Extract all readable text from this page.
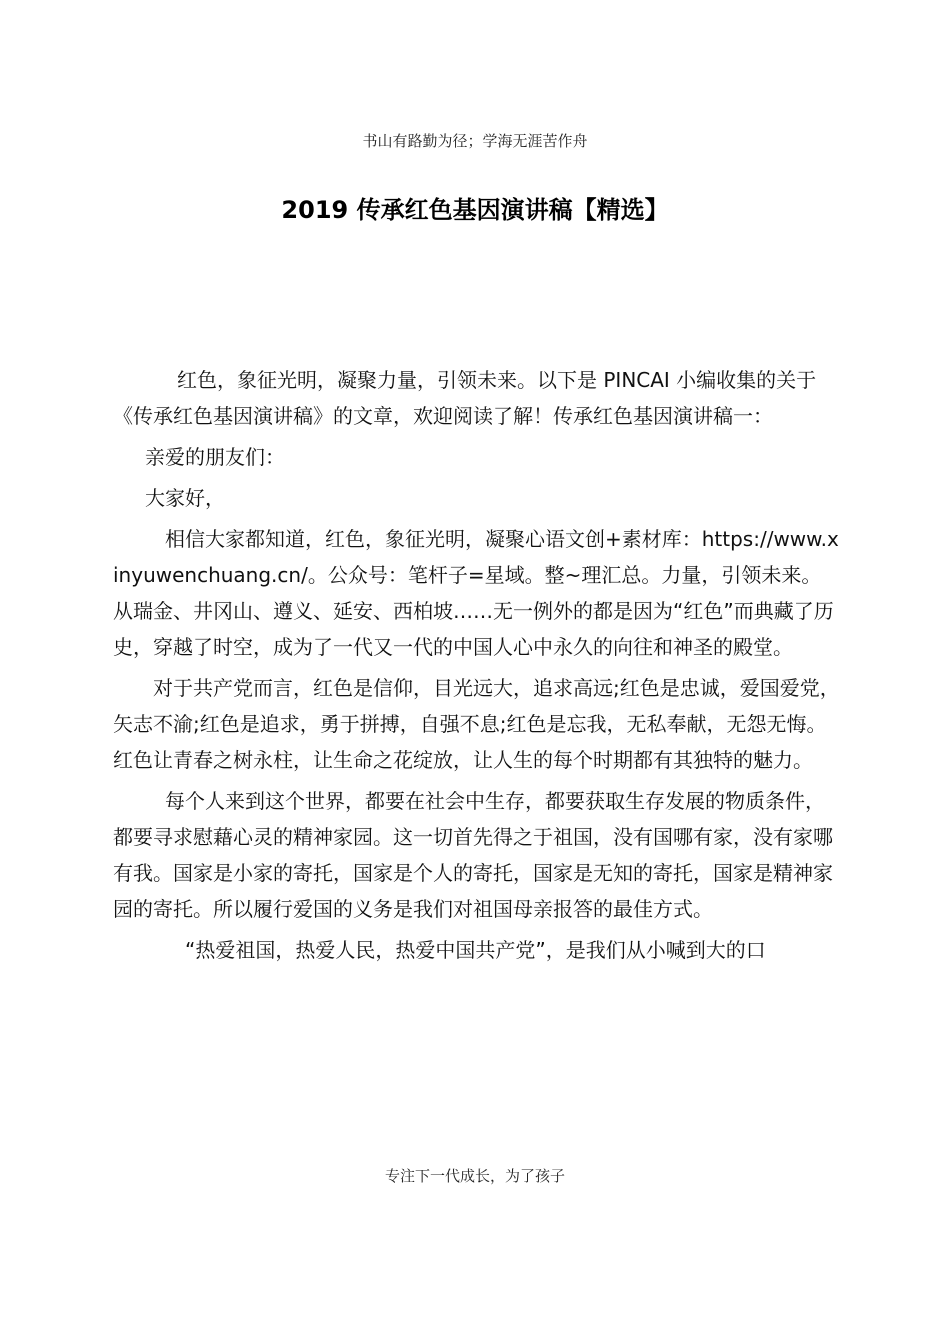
书山有路勤为径；学海无涯苦作舟
2019 传承红色基因演讲稿【精选】

红色，象征光明，凝聚力量，引领未来。以下是 PINCAI 小编收集的关于《传承红色基因演讲稿》的文章，欢迎阅读了解！传承红色基因演讲稿一：

亲爱的朋友们：

大家好，

相信大家都知道，红色，象征光明，凝聚心语文创+素材库：https://www.xinyuwenchuang.cn/。公众号：笔杆子=星域。整~理汇总。力量，引领未来。从瑞金、井冈山、遵义、延安、西柏坡……无一例外的都是因为“红色”而典藏了历史，穿越了时空，成为了一代又一代的中国人心中永久的向往和神圣的殿堂。

对于共产党而言，红色是信仰，目光远大，追求高远;红色是忠诚，爱国爱党，矢志不渝;红色是追求，勇于拼搏，自强不息;红色是忘我，无私奉献，无怨无悔。红色让青春之树永柱，让生命之花绽放，让人生的每个时期都有其独特的魅力。

每个人来到这个世界，都要在社会中生存，都要获取生存发展的物质条件，都要寻求慰藉心灵的精神家园。这一切首先得之于祖国，没有国哪有家，没有家哪有我。国家是小家的寄托，国家是个人的寄托，国家是无知的寄托，国家是精神家园的寄托。所以履行爱国的义务是我们对祖国母亲报答的最佳方式。

“热爱祖国，热爱人民，热爱中国共产党”，是我们从小喊到大的口

专注下一代成长，为了孩子
